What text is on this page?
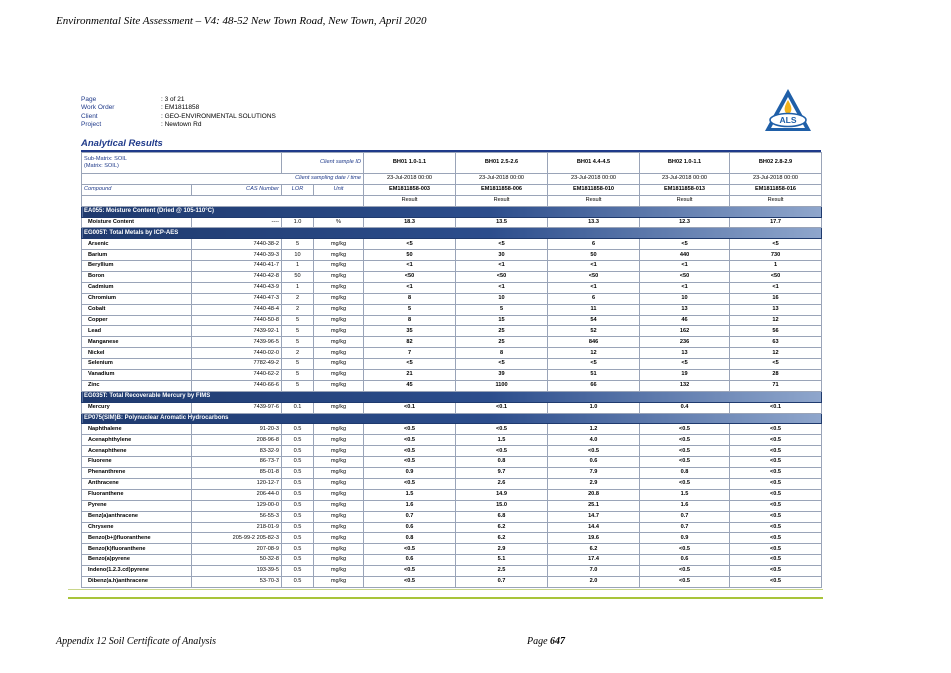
Environmental Site Assessment – V4: 48-52 New Town Road, New Town, April 2020
Page	: 3 of 21
Work Order	: EM1811858
Client	: GEO-ENVIRONMENTAL SOLUTIONS
Project	: Newtown Rd	ALS
Analytical Results
Sub-Matrix: SOIL
(Matrix: SOIL)		Client sample ID		BH01 1.0-1.1	BH01 2.5-2.6	BH01 4.4-4.5	BH02 1.0-1.1	BH02 2.8-2.9
Client sampling date / time				23-Jul-2018 00:00	23-Jul-2018 00:00	23-Jul-2018 00:00	23-Jul-2018 00:00	23-Jul-2018 00:00
Compound	CAS Number	LOR	Unit	EM1811858-003	EM1811858-006	EM1811858-010	EM1811858-013	EM1811858-016
				Result	Result	Result	Result	Result
EA055: Moisture Content (Dried @ 105-110°C)								
Moisture Content	----	1.0	%	18.3	13.5	13.3	12.3	17.7
EG005T: Total Metals by ICP-AES								
Arsenic	7440-38-2	5	mg/kg	<5	<5	6	<5	<5
Barium	7440-39-3	10	mg/kg	50	30	50	440	730
Beryllium	7440-41-7	1	mg/kg	<1	<1	<1	<1	1
Boron	7440-42-8	50	mg/kg	<50	<50	<50	<50	<50
Cadmium	7440-43-9	1	mg/kg	<1	<1	<1	<1	<1
Chromium	7440-47-3	2	mg/kg	8	10	6	10	16
Cobalt	7440-48-4	2	mg/kg	5	5	11	13	13
Copper	7440-50-8	5	mg/kg	8	15	54	46	12
Lead	7439-92-1	5	mg/kg	35	25	52	162	56
Manganese	7439-96-5	5	mg/kg	82	25	846	236	63
Nickel	7440-02-0	2	mg/kg	7	8	12	13	12
Selenium	7782-49-2	5	mg/kg	<5	<5	<5	<5	<5
Vanadium	7440-62-2	5	mg/kg	21	39	51	19	28
Zinc	7440-66-6	5	mg/kg	45	1100	66	132	71
EG035T: Total Recoverable Mercury by FIMS								
Mercury	7439-97-6	0.1	mg/kg	<0.1	<0.1	1.0	0.4	<0.1
EP075(SIM)B: Polynuclear Aromatic Hydrocarbons								
Naphthalene	91-20-3	0.5	mg/kg	<0.5	<0.5	1.2	<0.5	<0.5
Acenaphthylene	208-96-8	0.5	mg/kg	<0.5	1.5	4.0	<0.5	<0.5
Acenaphthene	83-32-9	0.5	mg/kg	<0.5	<0.5	<0.5	<0.5	<0.5
Fluorene	86-73-7	0.5	mg/kg	<0.5	0.8	0.6	<0.5	<0.5
Phenanthrene	85-01-8	0.5	mg/kg	0.9	9.7	7.9	0.8	<0.5
Anthracene	120-12-7	0.5	mg/kg	<0.5	2.6	2.9	<0.5	<0.5
Fluoranthene	206-44-0	0.5	mg/kg	1.5	14.9	20.8	1.5	<0.5
Pyrene	129-00-0	0.5	mg/kg	1.6	15.0	25.1	1.6	<0.5
Benz(a)anthracene	56-55-3	0.5	mg/kg	0.7	6.8	14.7	0.7	<0.5
Chrysene	218-01-9	0.5	mg/kg	0.6	6.2	14.4	0.7	<0.5
Benzo(b+j)fluoranthene	205-99-2 205-82-3	0.5	mg/kg	0.8	6.2	19.6	0.9	<0.5
Benzo(k)fluoranthene	207-08-9	0.5	mg/kg	<0.5	2.9	6.2	<0.5	<0.5
Benzo(a)pyrene	50-32-8	0.5	mg/kg	0.6	5.1	17.4	0.6	<0.5
Indeno(1.2.3.cd)pyrene	193-39-5	0.5	mg/kg	<0.5	2.5	7.0	<0.5	<0.5
Dibenz(a.h)anthracene	53-70-3	0.5	mg/kg	<0.5	0.7	2.0	<0.5	<0.5
Appendix 12 Soil Certificate of Analysis	Page 647
